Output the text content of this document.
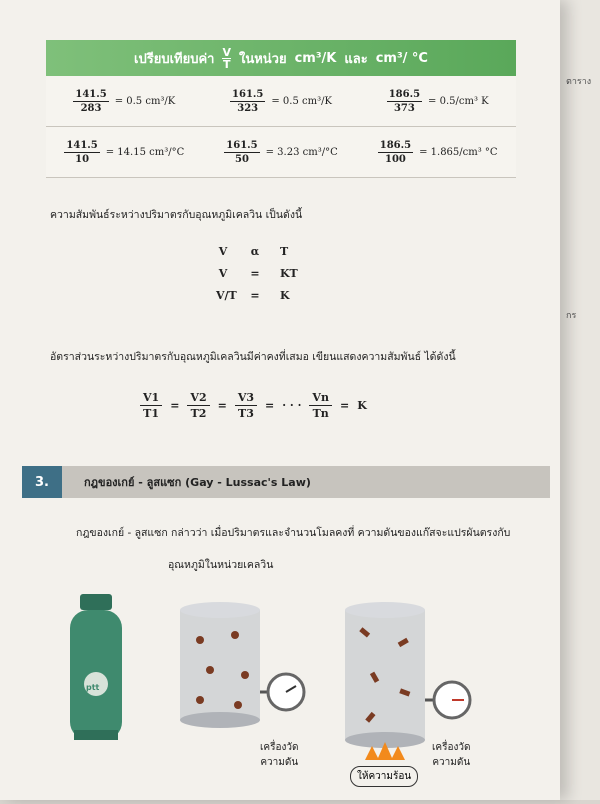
ตาราง
กร
เปรียบเทียบค่า $\frac{V}{T}$ ในหน่วย cm³/K และ cm³/ °C
$\frac{141.5}{283} = 0.5$ cm³/K	$\frac{161.5}{323} = 0.5$ cm³/K	$\frac{186.5}{373} = 0.5/cm^3$ K
$\frac{141.5}{10} = 14.15$ cm³/°C	$\frac{161.5}{50} = 3.23$ cm³/°C	$\frac{186.5}{100} = 1.865/cm^3$ °C
ความสัมพันธ์ระหว่างปริมาตรกับอุณหภูมิเคลวิน เป็นดังนี้
V α T
V = KT
V/T = K
อัตราส่วนระหว่างปริมาตรกับอุณหภูมิเคลวินมีค่าคงที่เสมอ เขียนแสดงความสัมพันธ์ ได้ดังนี้
$\frac{V1}{T1} = \frac{V2}{T2} = \frac{V3}{T3}$ = · · · $\frac{Vn}{Tn} = K$
3.	กฎของเกย์ - ลูสแซก (Gay - Lussac's Law)
กฎของเกย์ - ลูสแซก กล่าวว่า เมื่อปริมาตรและจำนวนโมลคงที่ ความดันของแก๊สจะแปรผันตรงกับ
อุณหภูมิในหน่วยเคลวิน
ptt
เครื่องวัด
ความดัน
ให้ความร้อน
เครื่องวัด
ความดัน
